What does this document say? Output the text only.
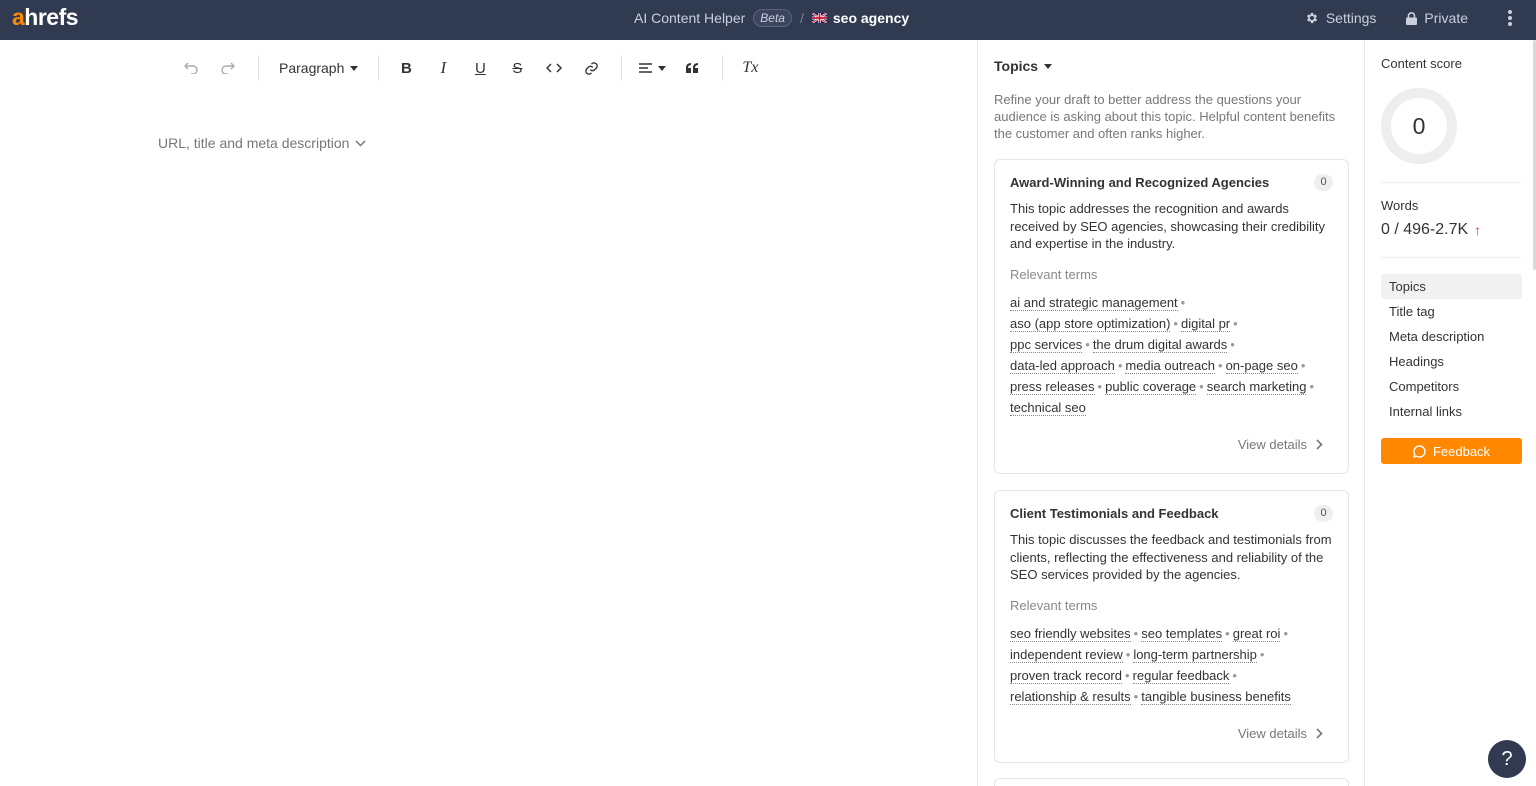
ahrefs	AI Content Helper	Beta	/ seo agency	Settings	Private
Paragraph	B	I	U	S	Tx
URL, title and meta description
Topics
Refine your draft to better address the questions your audience is asking about this topic. Helpful content benefits the customer and often ranks higher.
Award-Winning and Recognized Agencies	0
This topic addresses the recognition and awards received by SEO agencies, showcasing their credibility and expertise in the industry.
Relevant terms
ai and strategic management •
aso (app store optimization) • digital pr •
ppc services • the drum digital awards •
data-led approach • media outreach • on-page seo •
press releases • public coverage • search marketing •
technical seo
View details
Client Testimonials and Feedback	0
This topic discusses the feedback and testimonials from clients, reflecting the effectiveness and reliability of the SEO services provided by the agencies.
Relevant terms
seo friendly websites • seo templates • great roi •
independent review • long-term partnership •
proven track record • regular feedback •
relationship & results • tangible business benefits
View details
Content score
0
Words
0 / 496-2.7K ↑
Topics
Title tag
Meta description
Headings
Competitors
Internal links
Feedback
?
